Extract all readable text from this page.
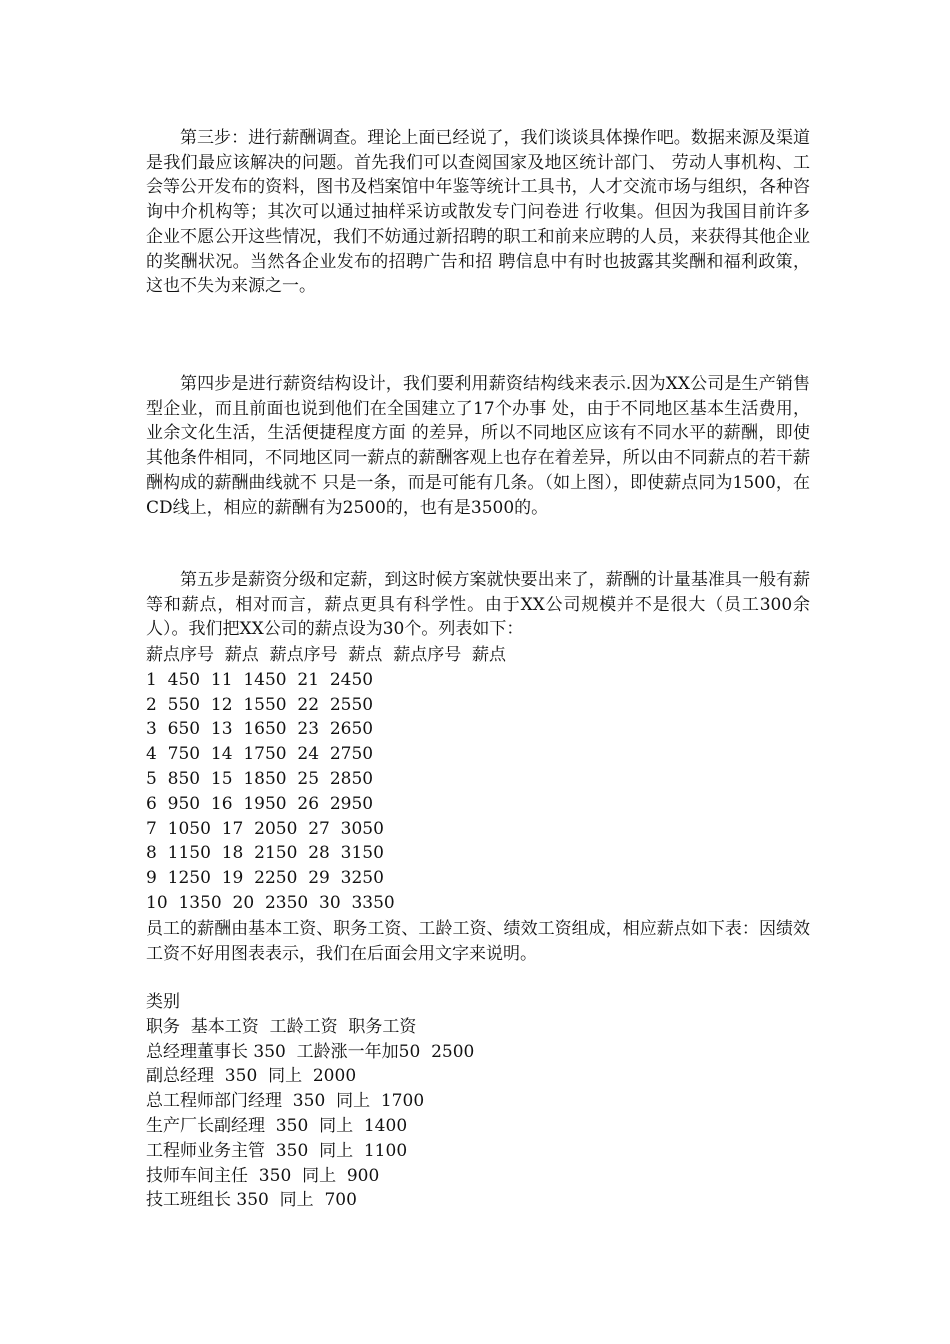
第三步：进行薪酬调查。理论上面已经说了，我们谈谈具体操作吧。数据来源及渠道是我们最应该解决的问题。首先我们可以查阅国家及地区统计部门、 劳动人事机构、工会等公开发布的资料，图书及档案馆中年鉴等统计工具书，人才交流市场与组织，各种咨询中介机构等；其次可以通过抽样采访或散发专门问卷进 行收集。但因为我国目前许多企业不愿公开这些情况，我们不妨通过新招聘的职工和前来应聘的人员，来获得其他企业的奖酬状况。当然各企业发布的招聘广告和招 聘信息中有时也披露其奖酬和福利政策，这也不失为来源之一。

第四步是进行薪资结构设计，我们要利用薪资结构线来表示.因为XX公司是生产销售型企业，而且前面也说到他们在全国建立了17个办事 处，由于不同地区基本生活费用，业余文化生活，生活便捷程度方面 的差异，所以不同地区应该有不同水平的薪酬，即使其他条件相同，不同地区同一薪点的薪酬客观上也存在着差异，所以由不同薪点的若干薪酬构成的薪酬曲线就不 只是一条，而是可能有几条。（如上图），即使薪点同为1500，在CD线上，相应的薪酬有为2500的，也有是3500的。

第五步是薪资分级和定薪，到这时候方案就快要出来了，薪酬的计量基准具一般有薪等和薪点，相对而言，薪点更具有科学性。由于XX公司规模并不是很大（员工300余人）。我们把XX公司的薪点设为30个。列表如下：

薪点序号  薪点  薪点序号  薪点  薪点序号  薪点
1  450  11  1450  21  2450
2  550  12  1550  22  2550
3  650  13  1650  23  2650
4  750  14  1750  24  2750
5  850  15  1850  25  2850
6  950  16  1950  26  2950
7  1050  17  2050  27  3050
8  1150  18  2150  28  3150
9  1250  19  2250  29  3250
10  1350  20  2350  30  3350

员工的薪酬由基本工资、职务工资、工龄工资、绩效工资组成，相应薪点如下表：因绩效工资不好用图表表示，我们在后面会用文字来说明。

类别
职务  基本工资  工龄工资  职务工资
总经理董事长 350  工龄涨一年加50  2500
副总经理  350  同上  2000
总工程师部门经理  350  同上  1700
生产厂长副经理  350  同上  1400
工程师业务主管  350  同上  1100
技师车间主任  350  同上  900
技工班组长 350  同上  700
